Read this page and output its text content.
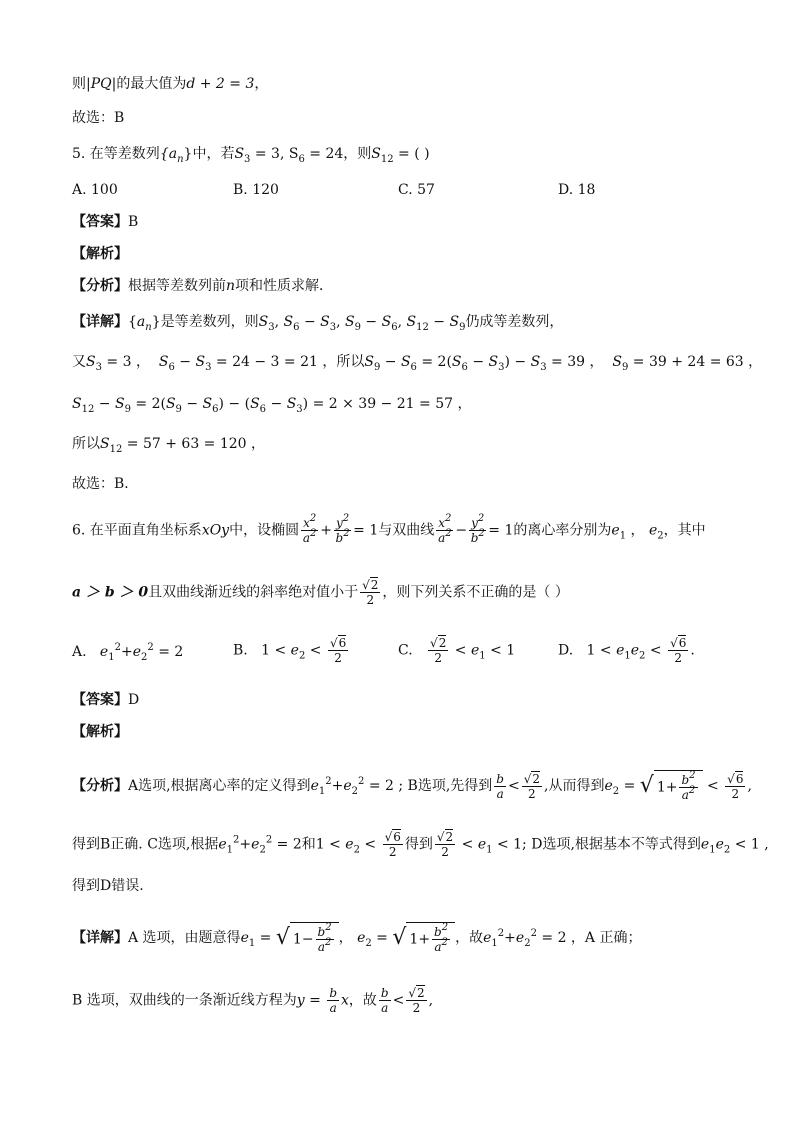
则|PQ|的最大值为d + 2 = 3，
故选：B
5. 在等差数列$\{a_n\}$中，若$S_3 = 3$, $S_6 = 24$，则$S_{12}$ = ( )
A. 100	B. 120	C. 57	D. 18
【答案】B
【解析】
【分析】根据等差数列前n项和性质求解．
【详解】$\{a_n\}$是等差数列，则$S_3$, $S_6 - S_3$, $S_9 - S_6$, $S_{12} - S_9$仍成等差数列，
又$S_3 = 3$ ， $S_6 - S_3 = 24 - 3 = 21$ ，所以$S_9 - S_6 = 2(S_6 - S_3) - S_3 = 39$ ， $S_9 = 39 + 24 = 63$ ，
$S_{12} - S_9 = 2(S_9 - S_6) - (S_6 - S_3) = 2 \times 39 - 21 = 57$ ，
所以$S_{12} = 57 + 63 = 120$ ，
故选：B．
6. 在平面直角坐标系xOy中，设椭圆 $\frac{x^2}{a^2} + \frac{y^2}{b^2} = 1$与双曲线 $\frac{x^2}{a^2} - \frac{y^2}{b^2} = 1$的离心率分别为$e_1$ ， $e_2$，其中
a ＞ b ＞ 0且双曲线渐近线的斜率绝对值小于 $\frac{√2}{2}$ ，则下列关系不正确的是（ ）
A. $e_1^2+e_2^2 = 2$	B.   $1 < e_2 < \frac{√6}{2}$	C. $\frac{√2}{2} < e_1 < 1$	D.   $1 < e_1e_2 < \frac{√6}{2}$ .
【答案】D
【解析】
【分析】A选项,根据离心率的定义得到$e_1^2+e_2^2 = 2$ ; B选项,先得到 $\frac{b}{a} < \frac{√2}{2}$ ,从而得到$e_2$ = √ $1+ \frac{b^2}{a^2} < \frac{√6}{2}$ ,
得到B正确. C选项,根据$e_1^2+e_2^2 = 2$和$1 < e_2 < \frac{√6}{2}$ 得到 $\frac{√2}{2} < e_1 < 1$; D选项,根据基本不等式得到$e_1e_2 < 1$ ,
得到D错误.
【详解】A 选项，由题意得$e_1$ = √ $1- \frac{b^2}{a^2}$ ， $e_2$ = √ $1+ \frac{b^2}{a^2}$ ，故$e_1^2+e_2^2 = 2$ ，A 正确；
B 选项，双曲线的一条渐近线方程为$y = \frac{b}{a}$ x，故 $\frac{b}{a} < \frac{√2}{2}$ ,
